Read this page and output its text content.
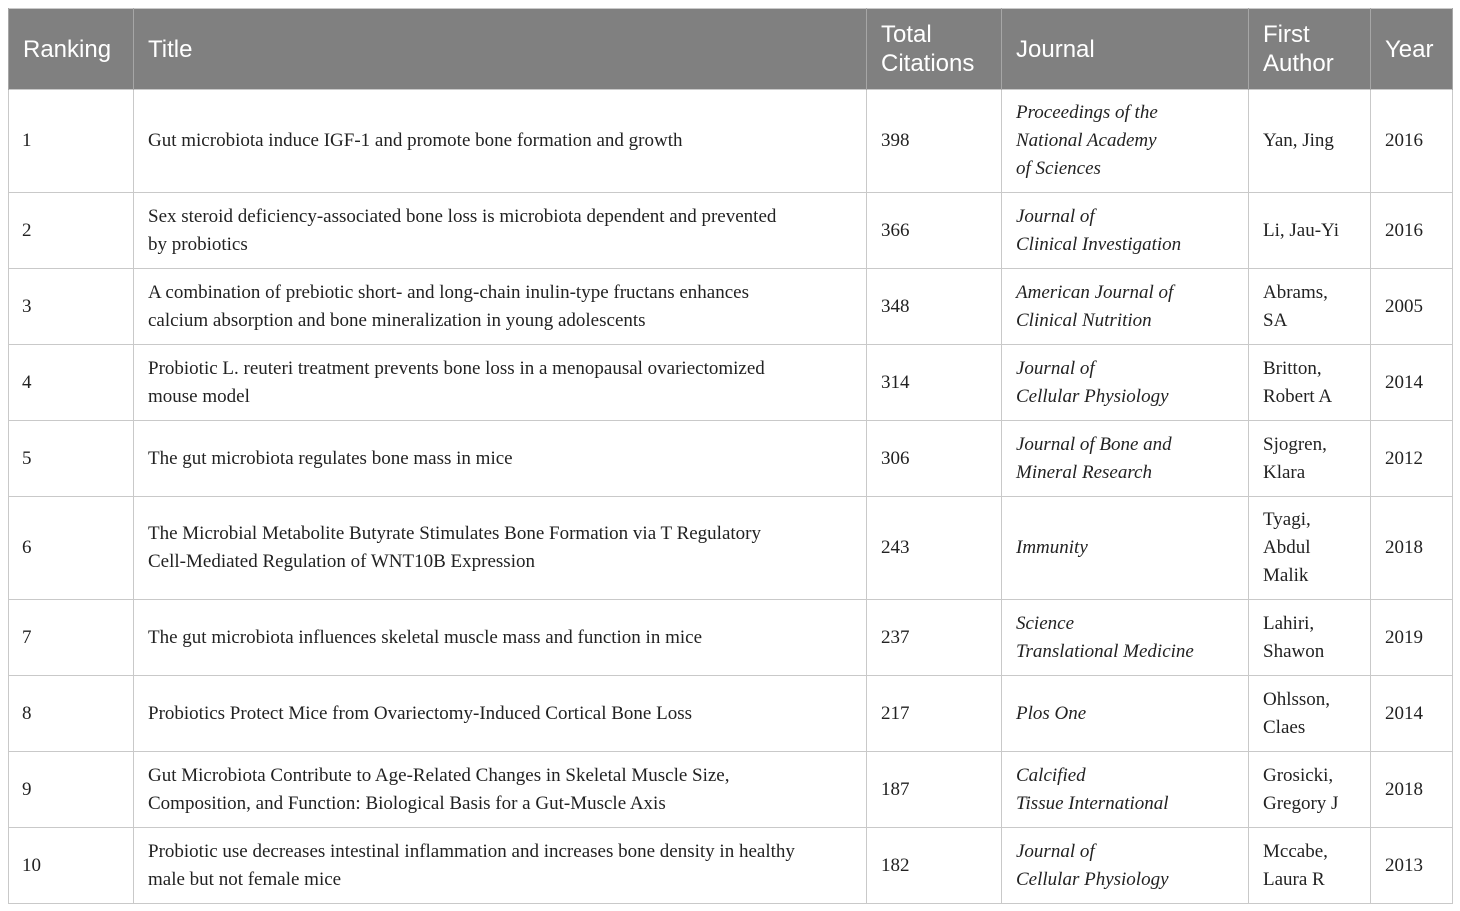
Ranking	Title	Total
Citations	Journal	First
Author	Year
1	Gut microbiota induce IGF-1 and promote bone formation and growth	398	Proceedings of the
National Academy
of Sciences	Yan, Jing	2016
2	Sex steroid deficiency-associated bone loss is microbiota dependent and prevented
by probiotics	366	Journal of
Clinical Investigation	Li, Jau-Yi	2016
3	A combination of prebiotic short- and long-chain inulin-type fructans enhances
calcium absorption and bone mineralization in young adolescents	348	American Journal of
Clinical Nutrition	Abrams,
SA	2005
4	Probiotic L. reuteri treatment prevents bone loss in a menopausal ovariectomized
mouse model	314	Journal of
Cellular Physiology	Britton,
Robert A	2014
5	The gut microbiota regulates bone mass in mice	306	Journal of Bone and
Mineral Research	Sjogren,
Klara	2012
6	The Microbial Metabolite Butyrate Stimulates Bone Formation via T Regulatory
Cell-Mediated Regulation of WNT10B Expression	243	Immunity	Tyagi,
Abdul
Malik	2018
7	The gut microbiota influences skeletal muscle mass and function in mice	237	Science
Translational Medicine	Lahiri,
Shawon	2019
8	Probiotics Protect Mice from Ovariectomy-Induced Cortical Bone Loss	217	Plos One	Ohlsson,
Claes	2014
9	Gut Microbiota Contribute to Age-Related Changes in Skeletal Muscle Size,
Composition, and Function: Biological Basis for a Gut-Muscle Axis	187	Calcified
Tissue International	Grosicki,
Gregory J	2018
10	Probiotic use decreases intestinal inflammation and increases bone density in healthy
male but not female mice	182	Journal of
Cellular Physiology	Mccabe,
Laura R	2013
